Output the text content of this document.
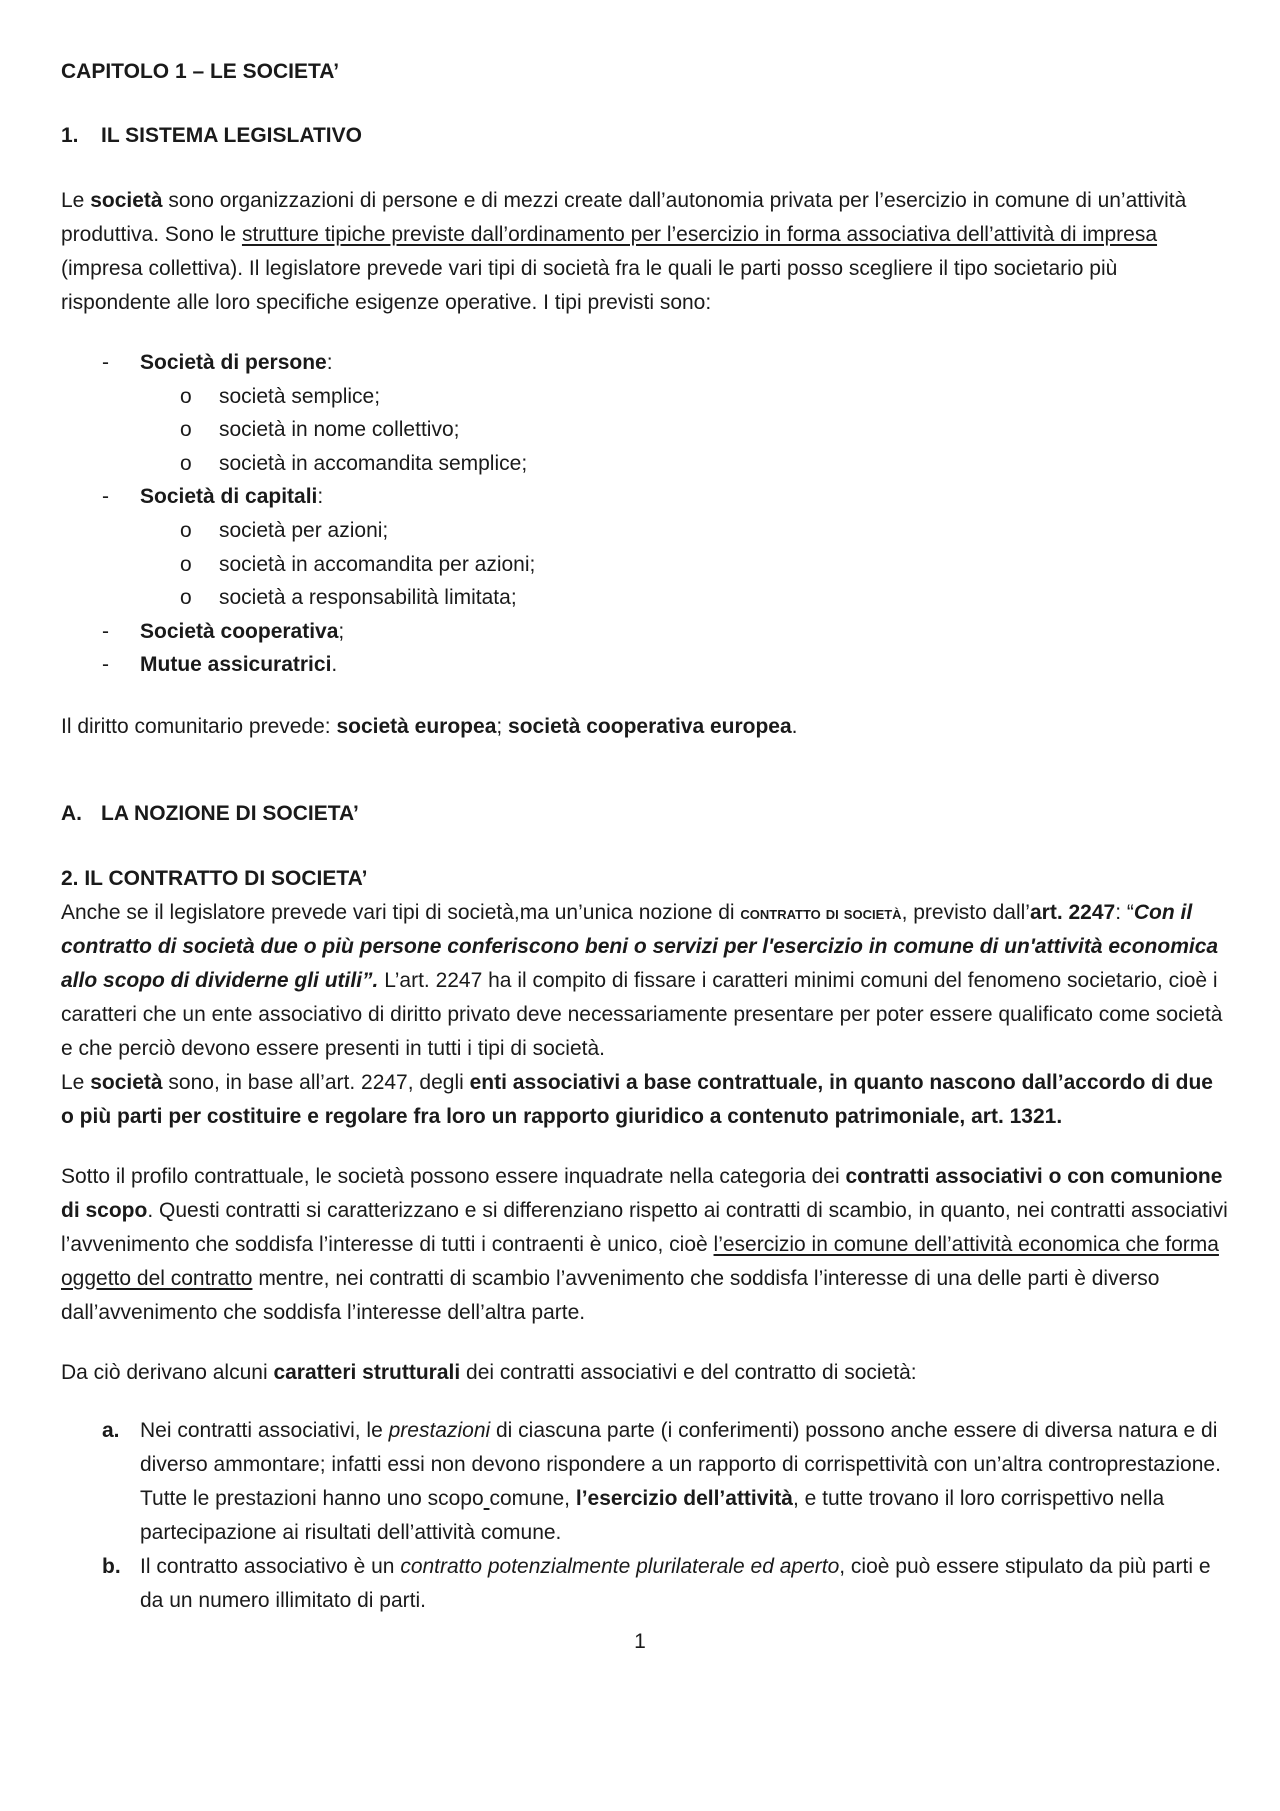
CAPITOLO 1 – LE SOCIETA’

1. IL SISTEMA LEGISLATIVO

Le società sono organizzazioni di persone e di mezzi create dall’autonomia privata per l’esercizio in comune di un’attività produttiva. Sono le strutture tipiche previste dall’ordinamento per l’esercizio in forma associativa dell’attività di impresa (impresa collettiva). Il legislatore prevede vari tipi di società fra le quali le parti posso scegliere il tipo societario più rispondente alle loro specifiche esigenze operative. I tipi previsti sono:

- Società di persone:
o società semplice;
o società in nome collettivo;
o società in accomandita semplice;
- Società di capitali:
o società per azioni;
o società in accomandita per azioni;
o società a responsabilità limitata;
- Società cooperativa;
- Mutue assicuratrici.

Il diritto comunitario prevede: società europea; società cooperativa europea.

A. LA NOZIONE DI SOCIETA’

2. IL CONTRATTO DI SOCIETA’

Anche se il legislatore prevede vari tipi di società,ma un’unica nozione di contratto di società, previsto dall’art. 2247: “Con il contratto di società due o più persone conferiscono beni o servizi per l'esercizio in comune di un'attività economica allo scopo di dividerne gli utili”. L’art. 2247 ha il compito di fissare i caratteri minimi comuni del fenomeno societario, cioè i caratteri che un ente associativo di diritto privato deve necessariamente presentare per poter essere qualificato come società e che perciò devono essere presenti in tutti i tipi di società.

Le società sono, in base all’art. 2247, degli enti associativi a base contrattuale, in quanto nascono dall’accordo di due o più parti per costituire e regolare fra loro un rapporto giuridico a contenuto patrimoniale, art. 1321.

Sotto il profilo contrattuale, le società possono essere inquadrate nella categoria dei contratti associativi o con comunione di scopo. Questi contratti si caratterizzano e si differenziano rispetto ai contratti di scambio, in quanto, nei contratti associativi l’avvenimento che soddisfa l’interesse di tutti i contraenti è unico, cioè l’esercizio in comune dell’attività economica che forma oggetto del contratto mentre, nei contratti di scambio l’avvenimento che soddisfa l’interesse di una delle parti è diverso dall’avvenimento che soddisfa l’interesse dell’altra parte.

Da ciò derivano alcuni caratteri strutturali dei contratti associativi e del contratto di società:

a. Nei contratti associativi, le prestazioni di ciascuna parte (i conferimenti) possono anche essere di diversa natura e di diverso ammontare; infatti essi non devono rispondere a un rapporto di corrispettività con un’altra controprestazione. Tutte le prestazioni hanno uno scopo comune, l’esercizio dell’attività, e tutte trovano il loro corrispettivo nella partecipazione ai risultati dell’attività comune.
b. Il contratto associativo è un contratto potenzialmente plurilaterale ed aperto, cioè può essere stipulato da più parti e da un numero illimitato di parti.
1
